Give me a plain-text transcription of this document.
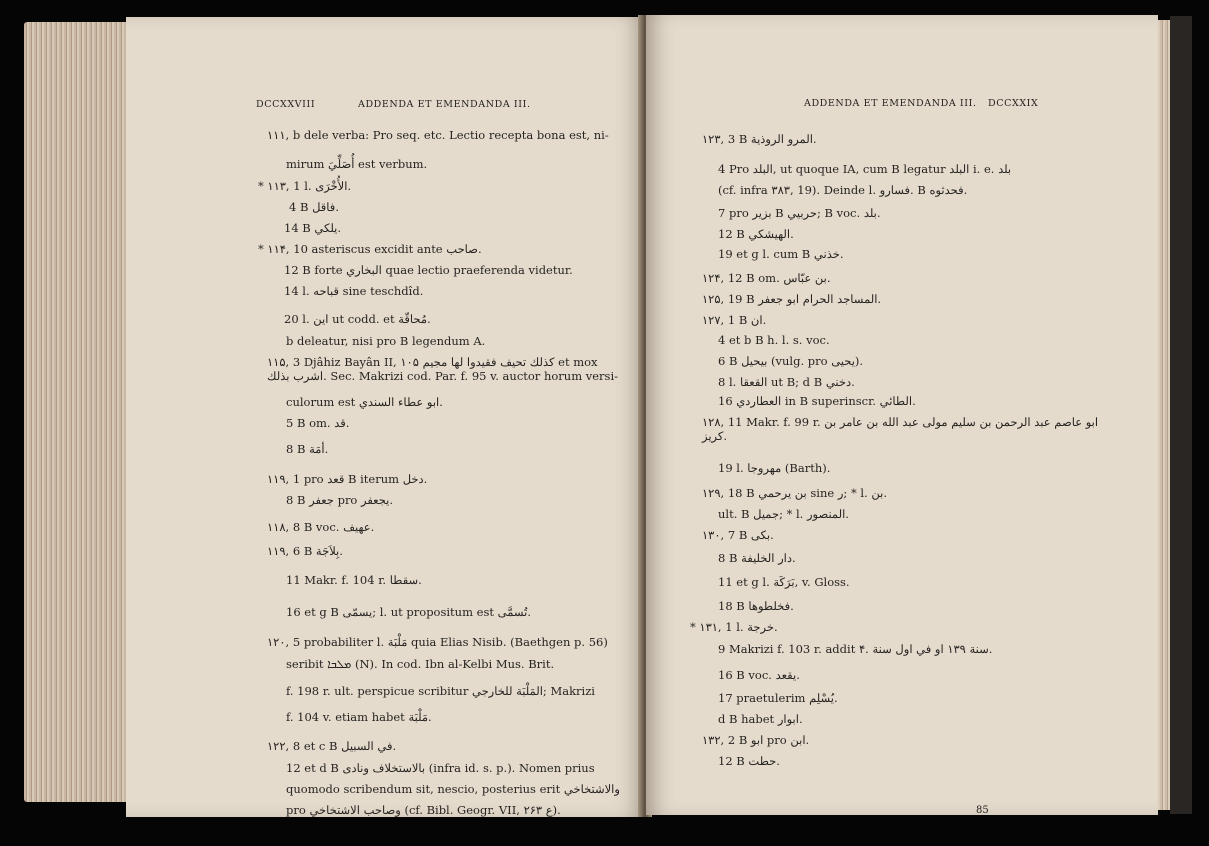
DCCXXVIII	ADDENDA ET EMENDANDA III.
۱۱۱, b dele verba: Pro seq. etc. Lectio recepta bona est, ni-
mirum أُصَلِّيَ est verbum.
* ۱۱۳, 1 l. الأُخْرَى.
4 B فاقل.
14 B يلكي.
* ۱۱۴, 10 asteriscus excidit ante صاحب.
12 B forte البخاري quae lectio praeferenda videtur.
14 l. قباحه sine teschdîd.
20 l. اين ut codd. et مُحاقّة.
b deleatur, nisi pro B legendum A.
۱۱۵, 3 Djâhiz Bayân II, ۱۰۵ كذلك تحيف فقيدوا لها مجيم et mox اشرب بذلك. Sec. Makrizi cod. Par. f. 95 v. auctor horum versi-
culorum est ابو عطاء السندي.
5 B om. قد.
8 B أمَة.
۱۱۹, 1 pro قعد B iterum دخل.
8 B جعفر pro يجعفر.
۱۱۸, 8 B voc. عهيف.
۱۱۹, 6 B بِلاَجَة.
11 Makr. f. 104 r. سقطا.
16 et g B يسمّى; l. ut propositum est تُسمَّى.
۱۲۰, 5 probabiliter l. مَلْبَة quia Elias Nisib. (Baethgen p. 56)
seribit ܡܠܒܐ (N). In cod. Ibn al-Kelbi Mus. Brit.
f. 198 r. ult. perspicue scribitur المَلْبَة للخارجي; Makrizi
f. 104 v. etiam habet مَلْبَة.
۱۲۲, 8 et c B في السبيل.
12 et d B بالاستخلاف ونادى (infra id. s. p.). Nomen prius
quomodo scribendum sit, nescio, posterius erit والاشتخاخي
pro وصاحب الاشتخاخي (cf. Bibl. Geogr. VII, ۲۶۳ ع).
ADDENDA ET EMENDANDA III. DCCXXIX
۱۲۳, 3 B المرو الروذية.
4 Pro البلد, ut quoque IA, cum B legatur البلد i. e. بلد
(cf. infra ۳۸۳, 19). Deinde l. فسارو. B فحدثوه.
7 pro بزير B حربيي; B voc. بلد.
12 B الهيشكي.
19 et g l. cum B خذني.
۱۲۴, 12 B om. بن عبّاس.
۱۲۵, 19 B المساجد الحرام ابو جعفر.
۱۲۷, 1 B ان.
4 et b B h. l. s. voc.
6 B بيحيل (vulg. pro يحيى).
8 l. القعقا ut B; d B دخني.
16 العطاردي in B superinscr. الطائي.
۱۲۸, 11 Makr. f. 99 r. ابو عاصم عبد الرحمن بن سليم مولى عبد الله بن عامر بن كريز.
19 l. مهروجا (Barth).
۱۲۹, 18 B بن يرحمي sine ر; * l. بن.
ult. B جميل; * l. المنصور.
۱۳۰, 7 B بكى.
8 B دار الخليفة.
11 et g l. بَرَكَة, v. Gloss.
18 B فخلطوها.
* ۱۳۱, 1 l. خرجة.
9 Makrizi f. 103 r. addit ۴. سنة ۱۳۹ او في اول سنة.
16 B voc. يقعد.
17 praetulerim يُسْلِم.
d B habet ابوار.
۱۳۲, 2 B ابو pro ابن.
12 B حطت.
85
